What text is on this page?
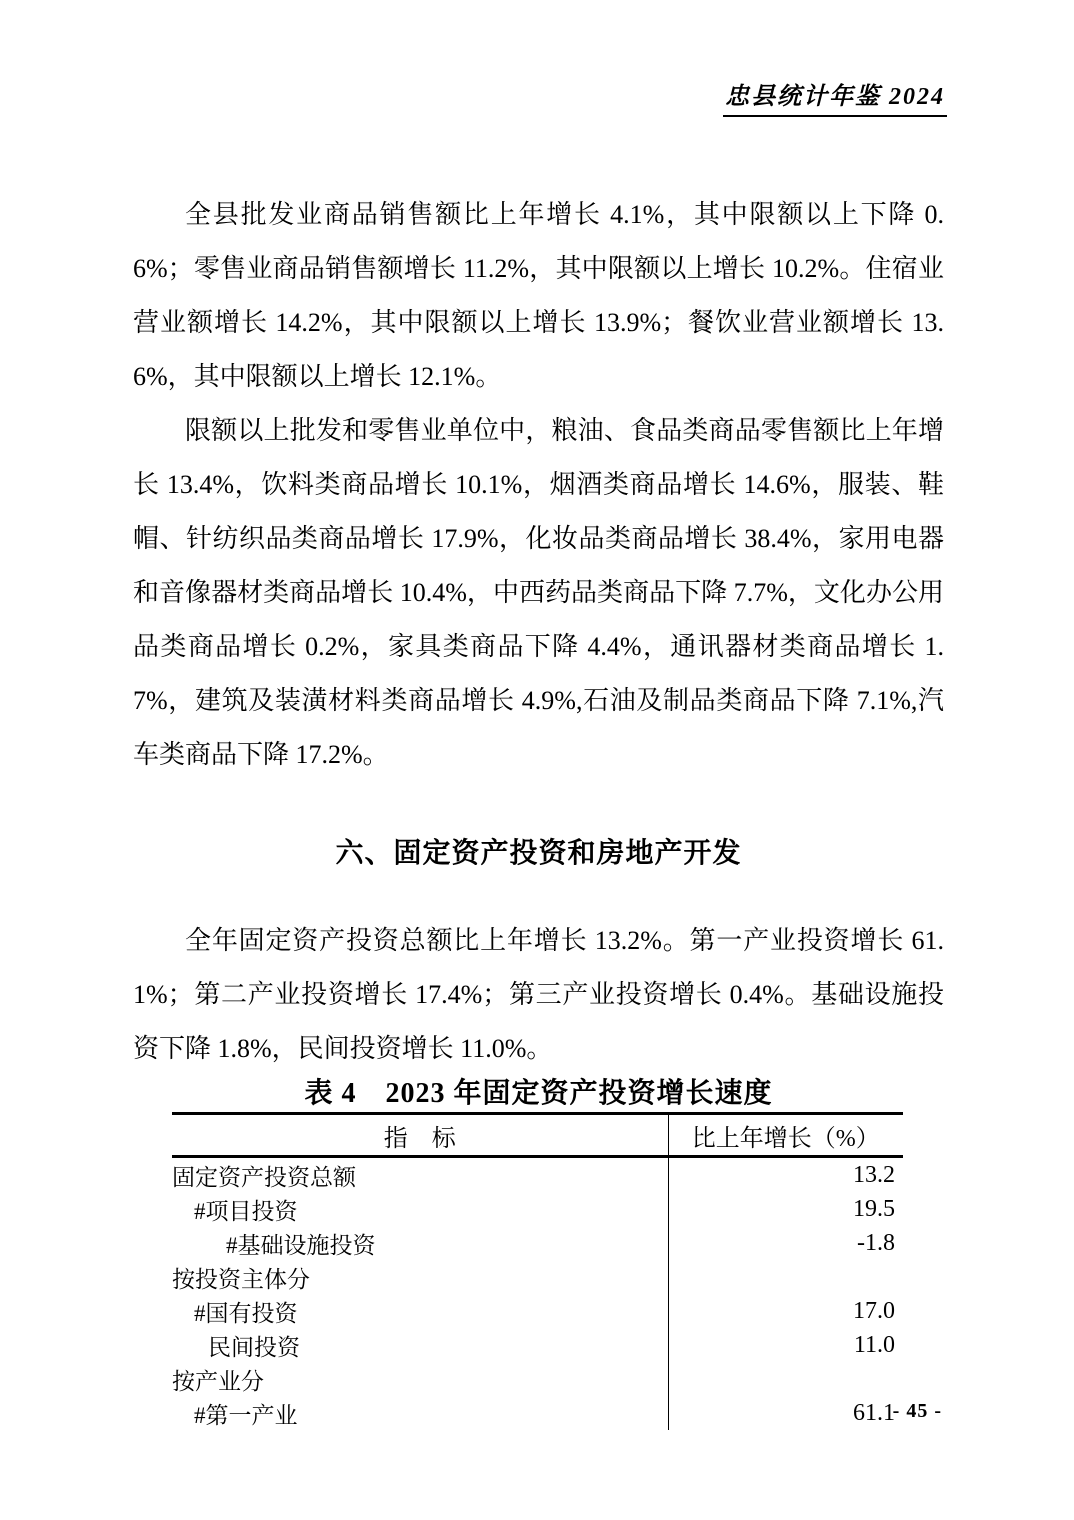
忠县统计年鉴 2024

全县批发业商品销售额比上年增长 4.1%，其中限额以上下降 0.6%；零售业商品销售额增长 11.2%，其中限额以上增长 10.2%。住宿业营业额增长 14.2%，其中限额以上增长 13.9%；餐饮业营业额增长 13.6%，其中限额以上增长 12.1%。

限额以上批发和零售业单位中，粮油、食品类商品零售额比上年增长 13.4%，饮料类商品增长 10.1%，烟酒类商品增长 14.6%，服装、鞋帽、针纺织品类商品增长 17.9%，化妆品类商品增长 38.4%，家用电器和音像器材类商品增长 10.4%，中西药品类商品下降 7.7%，文化办公用品类商品增长 0.2%，家具类商品下降 4.4%，通讯器材类商品增长 1.7%，建筑及装潢材料类商品增长 4.9%,石油及制品类商品下降 7.1%,汽车类商品下降 17.2%。

六、固定资产投资和房地产开发

全年固定资产投资总额比上年增长 13.2%。第一产业投资增长 61.1%；第二产业投资增长 17.4%；第三产业投资增长 0.4%。基础设施投资下降 1.8%，民间投资增长 11.0%。

表 4　2023 年固定资产投资增长速度
指　标	比上年增长（%）
固定资产投资总额	13.2
#项目投资	19.5
#基础设施投资	-1.8
按投资主体分	
#国有投资	17.0
民间投资	11.0
按产业分	
#第一产业	61.1
- 45 -
